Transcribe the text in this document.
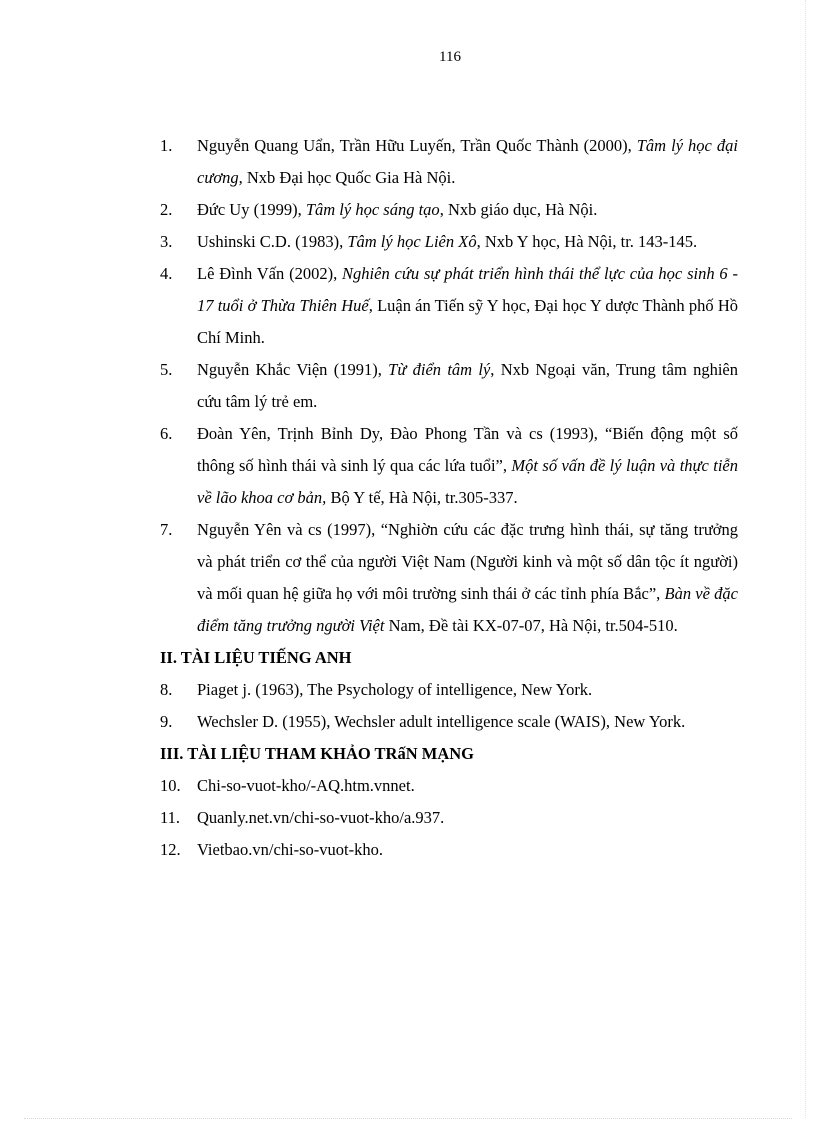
116
1. Nguyễn Quang Uẩn, Trần Hữu Luyến, Trần Quốc Thành (2000), Tâm lý học đại cương, Nxb Đại học Quốc Gia Hà Nội.
2. Đức Uy (1999), Tâm lý học sáng tạo, Nxb giáo dục, Hà Nội.
3. Ushinski C.D. (1983), Tâm lý học Liên Xô, Nxb Y học, Hà Nội, tr. 143-145.
4. Lê Đình Vấn (2002), Nghiên cứu sự phát triển hình thái thể lực của học sinh 6 - 17 tuổi ở Thừa Thiên Huế, Luận án Tiến sỹ Y học, Đại học Y dược Thành phố Hồ Chí Minh.
5. Nguyễn Khắc Viện (1991), Từ điển tâm lý, Nxb Ngoại văn, Trung tâm nghiên cứu tâm lý trẻ em.
6. Đoàn Yên, Trịnh Bỉnh Dy, Đào Phong Tần và cs (1993), “Biến động một số thông số hình thái và sinh lý qua các lứa tuổi”, Một số vấn đề lý luận và thực tiễn về lão khoa cơ bản, Bộ Y tế, Hà Nội, tr.305-337.
7. Nguyễn Yên và cs (1997), “Nghiờn cứu các đặc trưng hình thái, sự tăng trưởng và phát triển cơ thể của người Việt Nam (Người kinh và một số dân tộc ít người) và mối quan hệ giữa họ với môi trường sinh thái ở các tỉnh phía Bắc”, Bàn về đặc điểm tăng trưởng người Việt Nam, Đề tài KX-07-07, Hà Nội, tr.504-510.
II. TÀI LIỆU TIẾNG ANH
8. Piaget j. (1963), The Psychology of intelligence, New York.
9. Wechsler D. (1955), Wechsler adult intelligence scale (WAIS), New York.
III. TÀI LIỆU THAM KHẢO TRấN MẠNG
10. Chi-so-vuot-kho/-AQ.htm.vnnet.
11. Quanly.net.vn/chi-so-vuot-kho/a.937.
12. Vietbao.vn/chi-so-vuot-kho.
